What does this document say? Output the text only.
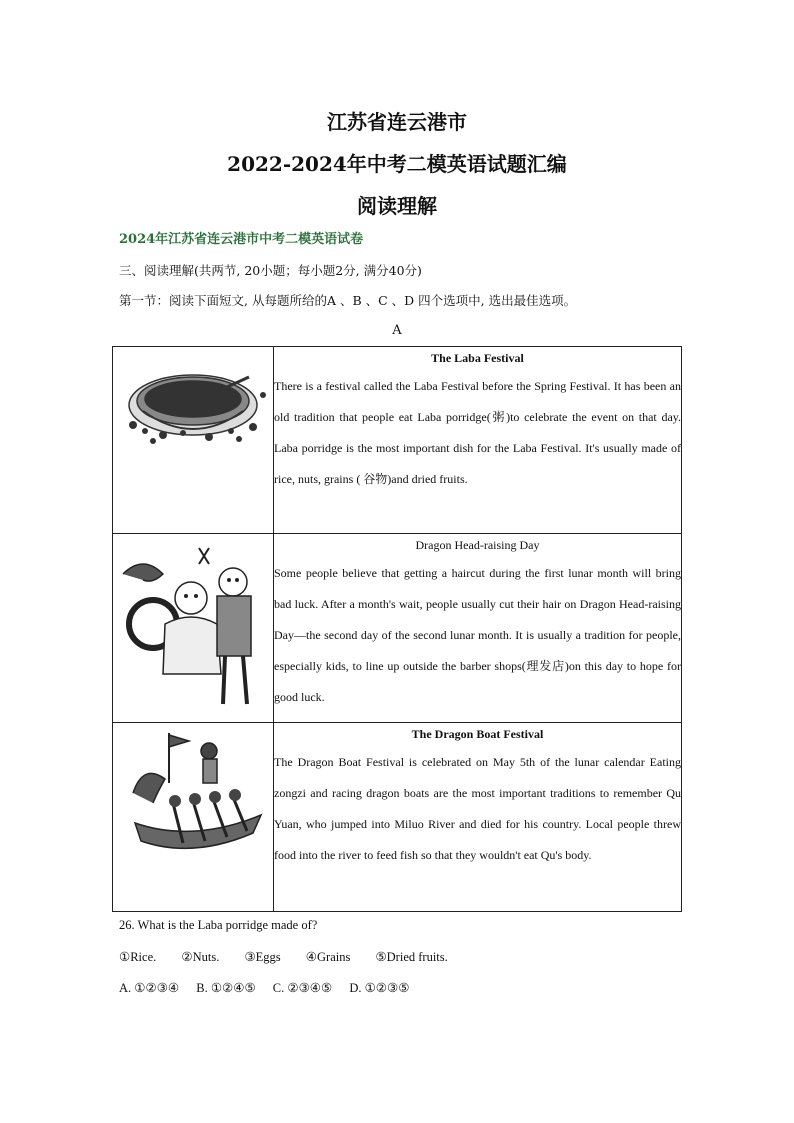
江苏省连云港市
2022-2024年中考二模英语试题汇编
阅读理解
2024年江苏省连云港市中考二模英语试卷
三、阅读理解(共两节, 20小题；每小题2分, 满分40分)
第一节：阅读下面短文, 从每题所给的A 、B 、C 、D 四个选项中, 选出最佳选项。
A

The Laba Festival
There is a festival called the Laba Festival before the Spring Festival. It has been an old tradition that people eat Laba porridge(粥)to celebrate the event on that day. Laba porridge is the most important dish for the Laba Festival. It's usually made of rice, nuts, grains ( 谷物)and dried fruits.

Dragon Head-raising Day
Some people believe that getting a haircut during the first lunar month will bring bad luck. After a month's wait, people usually cut their hair on Dragon Head-raising Day—the second day of the second lunar month. It is usually a tradition for people, especially kids, to line up outside the barber shops(理发店)on this day to hope for good luck.

The Dragon Boat Festival
The Dragon Boat Festival is celebrated on May 5th of the lunar calendar Eating zongzi and racing dragon boats are the most important traditions to remember Qu Yuan, who jumped into Miluo River and died for his country. Local people threw food into the river to feed fish so that they wouldn't eat Qu's body.
26. What is the Laba porridge made of?
①Rice. ②Nuts. ③Eggs ④Grains ⑤Dried fruits.
A. ①②③④ B. ①②④⑤ C. ②③④⑤ D. ①②③⑤
